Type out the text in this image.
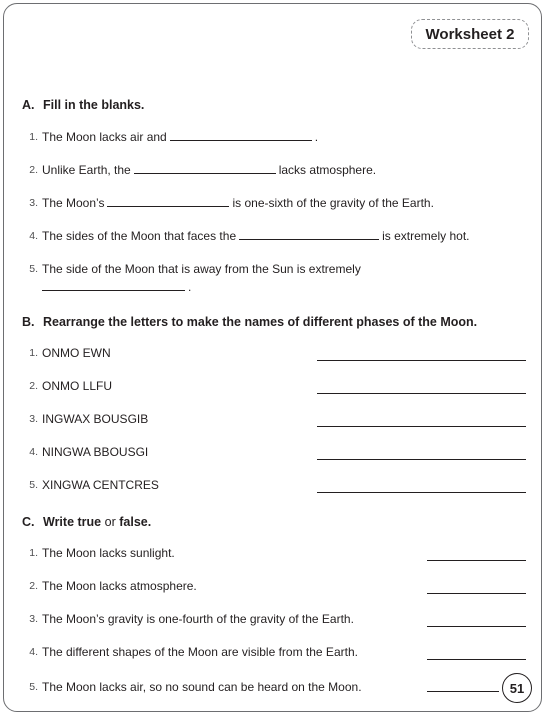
Worksheet 2
A. Fill in the blanks.
1. The Moon lacks air and	.
2. Unlike Earth, the	lacks atmosphere.
3. The Moon’s	is one-sixth of the gravity of the Earth.
4. The sides of the Moon that faces the	is extremely hot.
5. The side of the Moon that is away from the Sun is extremely
.
B. Rearrange the letters to make the names of different phases of the Moon.
1. ONMO EWN
2. ONMO LLFU
3. INGWAX BOUSGIB
4. NINGWA BBOUSGI
5. XINGWA CENTCRES
C. Write true or false.
1. The Moon lacks sunlight.
2. The Moon lacks atmosphere.
3. The Moon’s gravity is one-fourth of the gravity of the Earth.
4. The different shapes of the Moon are visible from the Earth.
5. The Moon lacks air, so no sound can be heard on the Moon.	51
